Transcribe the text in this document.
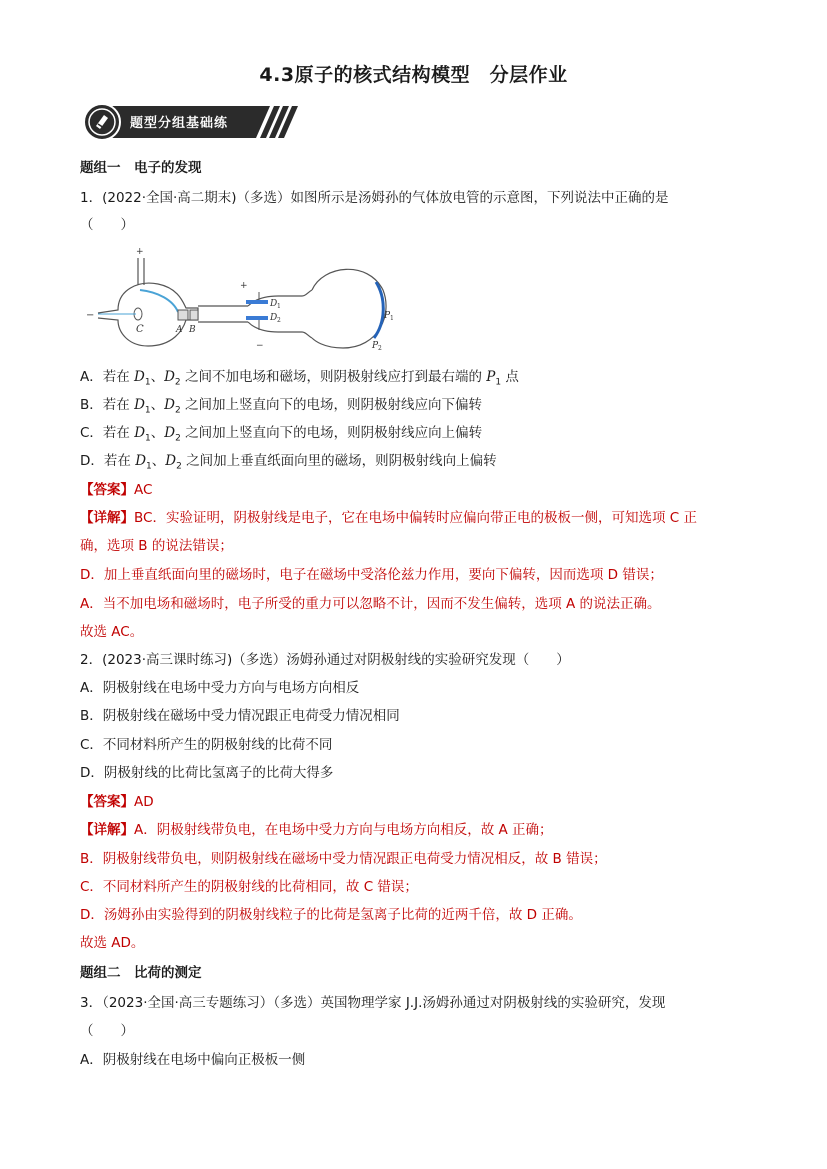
4.3原子的核式结构模型　分层作业
题型分组基础练
题组一　电子的发现
1．(2022·全国·高二期末)（多选）如图所示是汤姆孙的气体放电管的示意图，下列说法中正确的是
（　　）
+
−
C	A B
+
−
D 1
D 2	P 1
P 2
A．若在 $D_1$、$D_2$ 之间不加电场和磁场，则阴极射线应打到最右端的 $P_1$ 点
B．若在 $D_1$、$D_2$ 之间加上竖直向下的电场，则阴极射线应向下偏转
C．若在 $D_1$、$D_2$ 之间加上竖直向下的电场，则阴极射线应向上偏转
D．若在 $D_1$、$D_2$ 之间加上垂直纸面向里的磁场，则阴极射线向上偏转
【答案】AC
【详解】BC．实验证明，阴极射线是电子，它在电场中偏转时应偏向带正电的极板一侧，可知选项 C 正
确，选项 B 的说法错误；
D．加上垂直纸面向里的磁场时，电子在磁场中受洛伦兹力作用，要向下偏转，因而选项 D 错误；
A．当不加电场和磁场时，电子所受的重力可以忽略不计，因而不发生偏转，选项 A 的说法正确。
故选 AC。
2．(2023·高三课时练习)（多选）汤姆孙通过对阴极射线的实验研究发现（　　）
A．阴极射线在电场中受力方向与电场方向相反
B．阴极射线在磁场中受力情况跟正电荷受力情况相同
C．不同材料所产生的阴极射线的比荷不同
D．阴极射线的比荷比氢离子的比荷大得多
【答案】AD
【详解】A．阴极射线带负电，在电场中受力方向与电场方向相反，故 A 正确；
B．阴极射线带负电，则阴极射线在磁场中受力情况跟正电荷受力情况相反，故 B 错误；
C．不同材料所产生的阴极射线的比荷相同，故 C 错误；
D．汤姆孙由实验得到的阴极射线粒子的比荷是氢离子比荷的近两千倍，故 D 正确。
故选 AD。
题组二　比荷的测定
3．（2023·全国·高三专题练习）（多选）英国物理学家 J.J.汤姆孙通过对阴极射线的实验研究，发现
（　　）
A．阴极射线在电场中偏向正极板一侧
